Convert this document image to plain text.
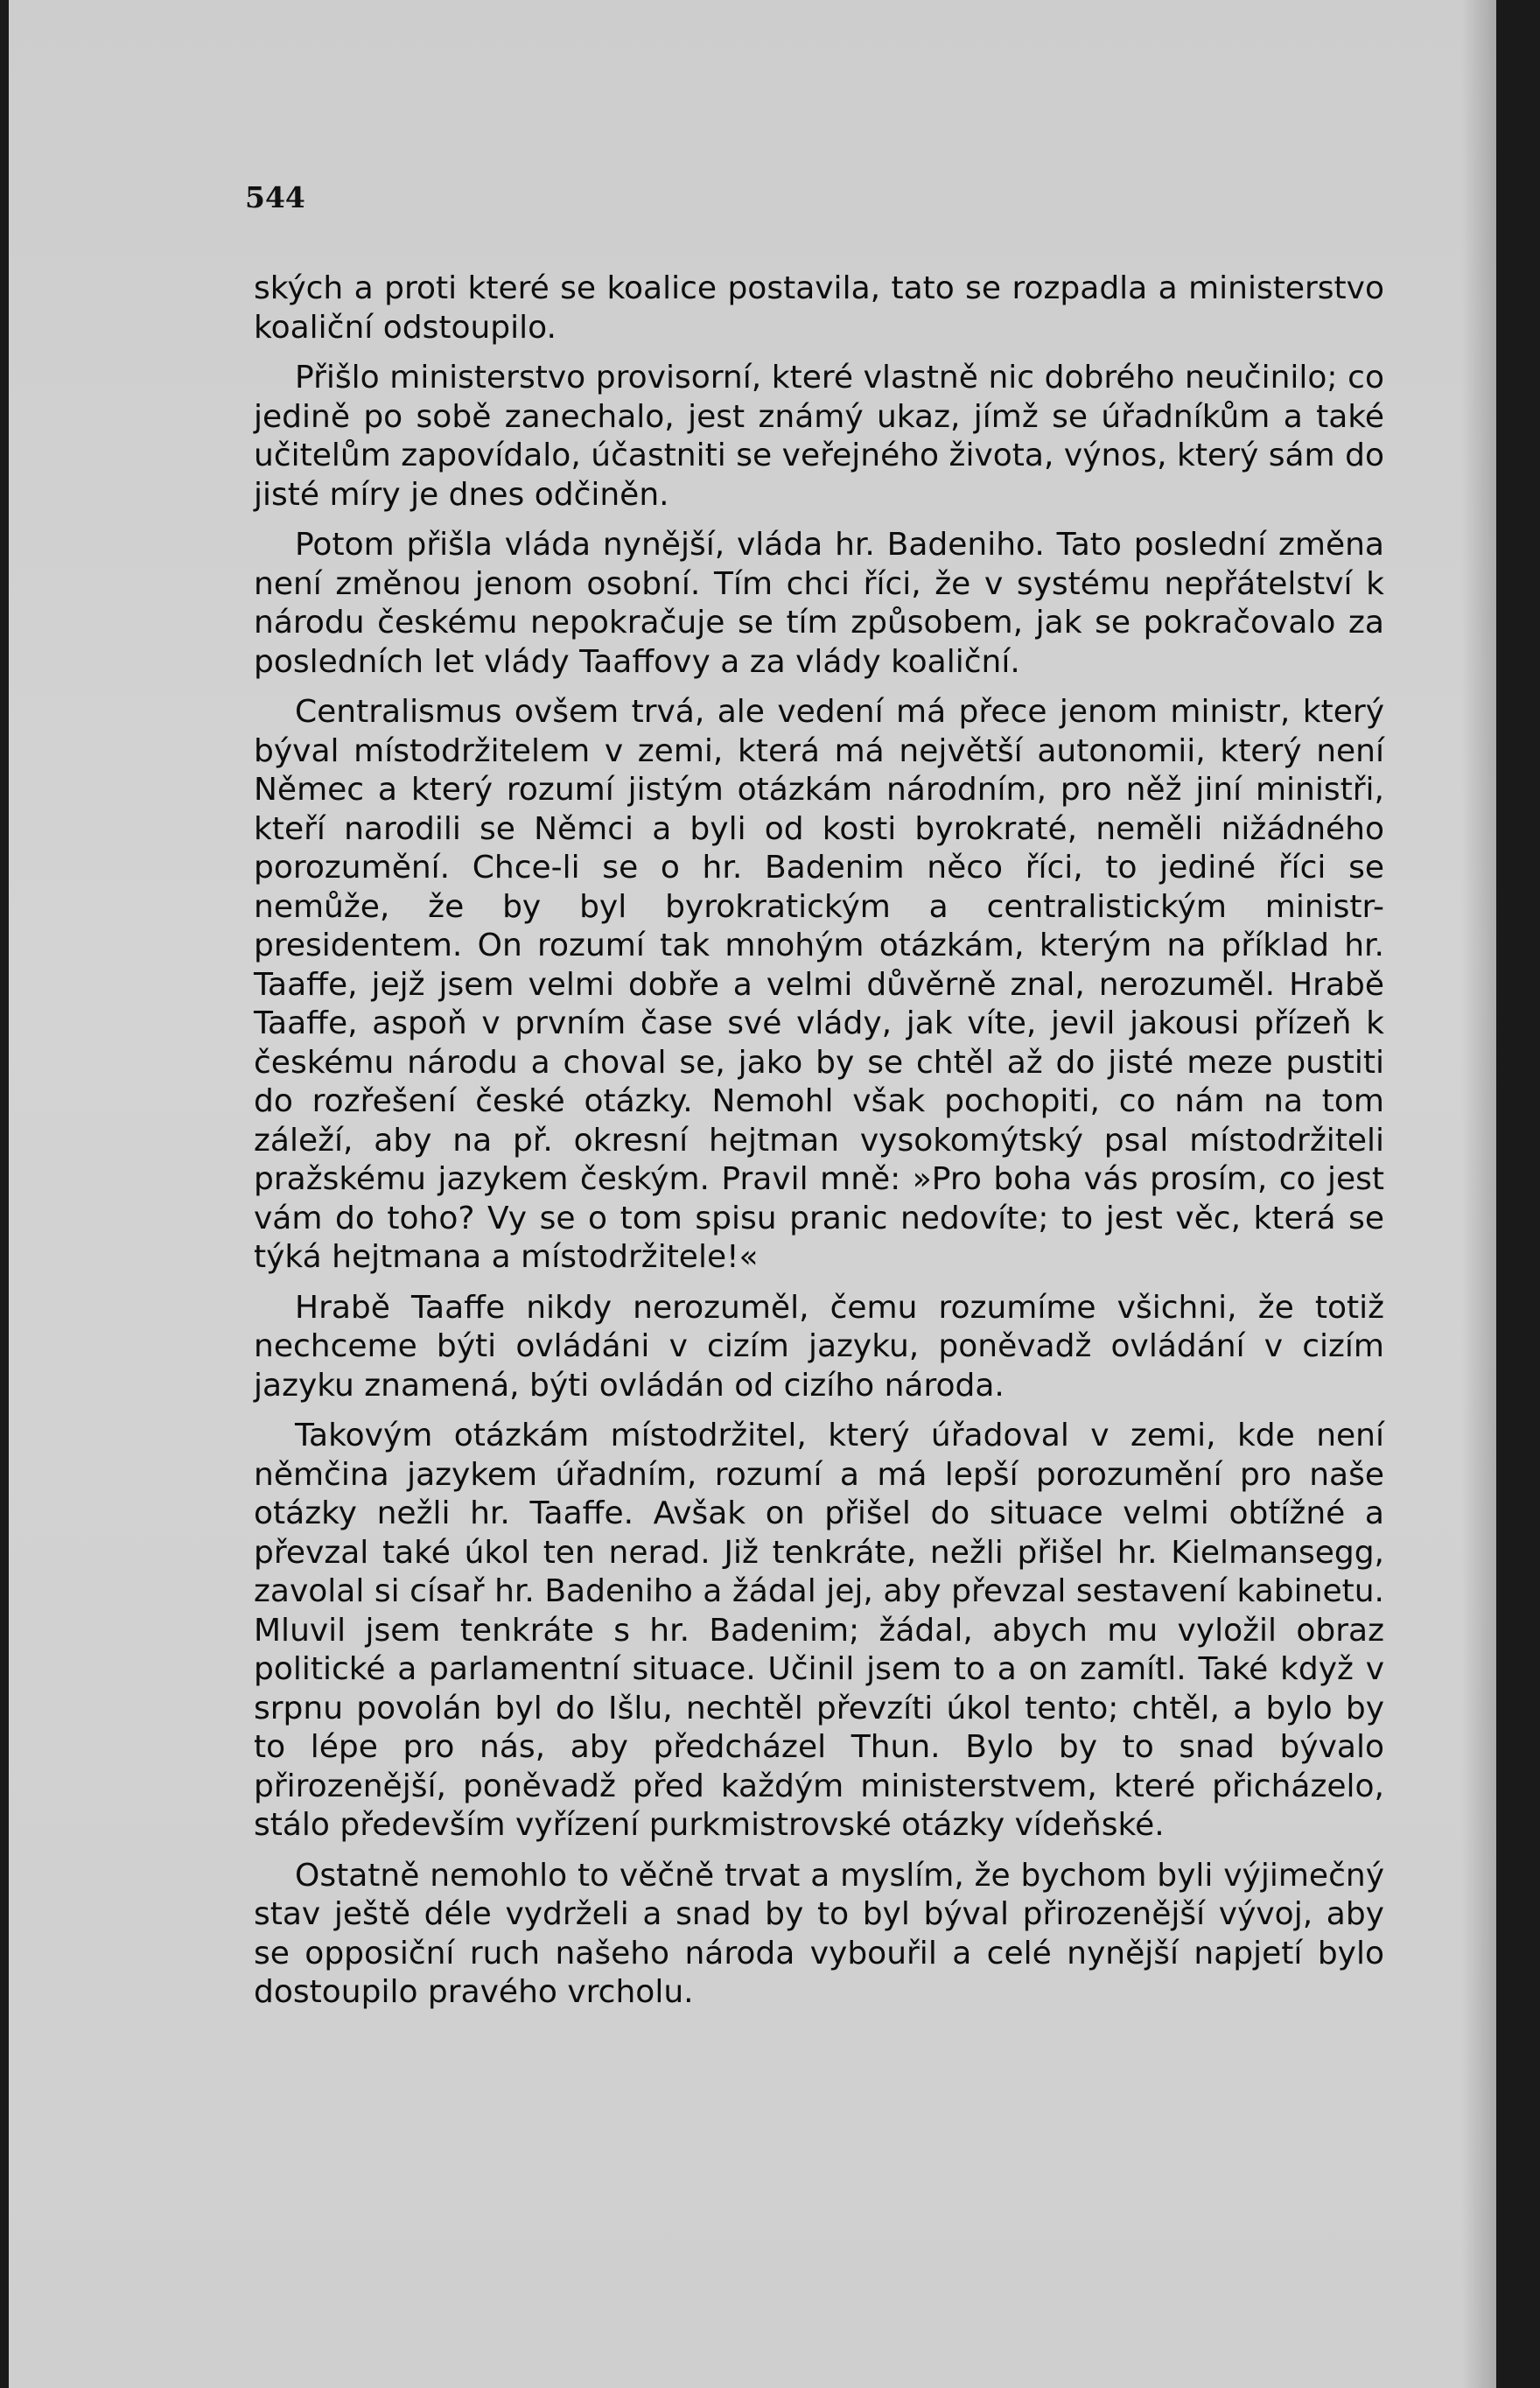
544

ských a proti které se koalice postavila, tato se rozpadla a ministerstvo koaliční odstoupilo.

Přišlo ministerstvo provisorní, které vlastně nic dobrého neučinilo; co jedině po sobě zanechalo, jest známý ukaz, jímž se úřadníkům a také učitelům zapovídalo, účastniti se veřejného života, výnos, který sám do jisté míry je dnes odčiněn.

Potom přišla vláda nynější, vláda hr. Badeniho. Tato poslední změna není změnou jenom osobní. Tím chci říci, že v systému nepřátelství k národu českému nepokračuje se tím způsobem, jak se pokračovalo za posledních let vlády Taaffovy a za vlády koaliční.

Centralismus ovšem trvá, ale vedení má přece jenom ministr, který býval místodržitelem v zemi, která má největší autonomii, který není Němec a který rozumí jistým otázkám národním, pro něž jiní ministři, kteří narodili se Němci a byli od kosti byrokraté, neměli nižádného porozumění. Chce-li se o hr. Badenim něco říci, to jediné říci se nemůže, že by byl byrokratickým a centralistickým ministr-presidentem. On rozumí tak mnohým otázkám, kterým na příklad hr. Taaffe, jejž jsem velmi dobře a velmi důvěrně znal, nerozuměl. Hrabě Taaffe, aspoň v prvním čase své vlády, jak víte, jevil jakousi přízeň k českému národu a choval se, jako by se chtěl až do jisté meze pustiti do rozřešení české otázky. Nemohl však pochopiti, co nám na tom záleží, aby na př. okresní hejtman vysokomýtský psal místodržiteli pražskému jazykem českým. Pravil mně: »Pro boha vás prosím, co jest vám do toho? Vy se o tom spisu pranic nedovíte; to jest věc, která se týká hejtmana a místodržitele!«

Hrabě Taaffe nikdy nerozuměl, čemu rozumíme všichni, že totiž nechceme býti ovládáni v cizím jazyku, poněvadž ovládání v cizím jazyku znamená, býti ovládán od cizího národa.

Takovým otázkám místodržitel, který úřadoval v zemi, kde není němčina jazykem úřadním, rozumí a má lepší porozumění pro naše otázky nežli hr. Taaffe. Avšak on přišel do situace velmi obtížné a převzal také úkol ten nerad. Již tenkráte, nežli přišel hr. Kielmansegg, zavolal si císař hr. Badeniho a žádal jej, aby převzal sestavení kabinetu. Mluvil jsem tenkráte s hr. Badenim; žádal, abych mu vyložil obraz politické a parlamentní situace. Učinil jsem to a on zamítl. Také když v srpnu povolán byl do Išlu, nechtěl převzíti úkol tento; chtěl, a bylo by to lépe pro nás, aby předcházel Thun. Bylo by to snad bývalo přirozenější, poněvadž před každým ministerstvem, které přicházelo, stálo především vyřízení purkmistrovské otázky vídeňské.

Ostatně nemohlo to věčně trvat a myslím, že bychom byli výjimečný stav ještě déle vydrželi a snad by to byl býval přirozenější vývoj, aby se opposiční ruch našeho národa vybouřil a celé nynější napjetí bylo dostoupilo pravého vrcholu.
